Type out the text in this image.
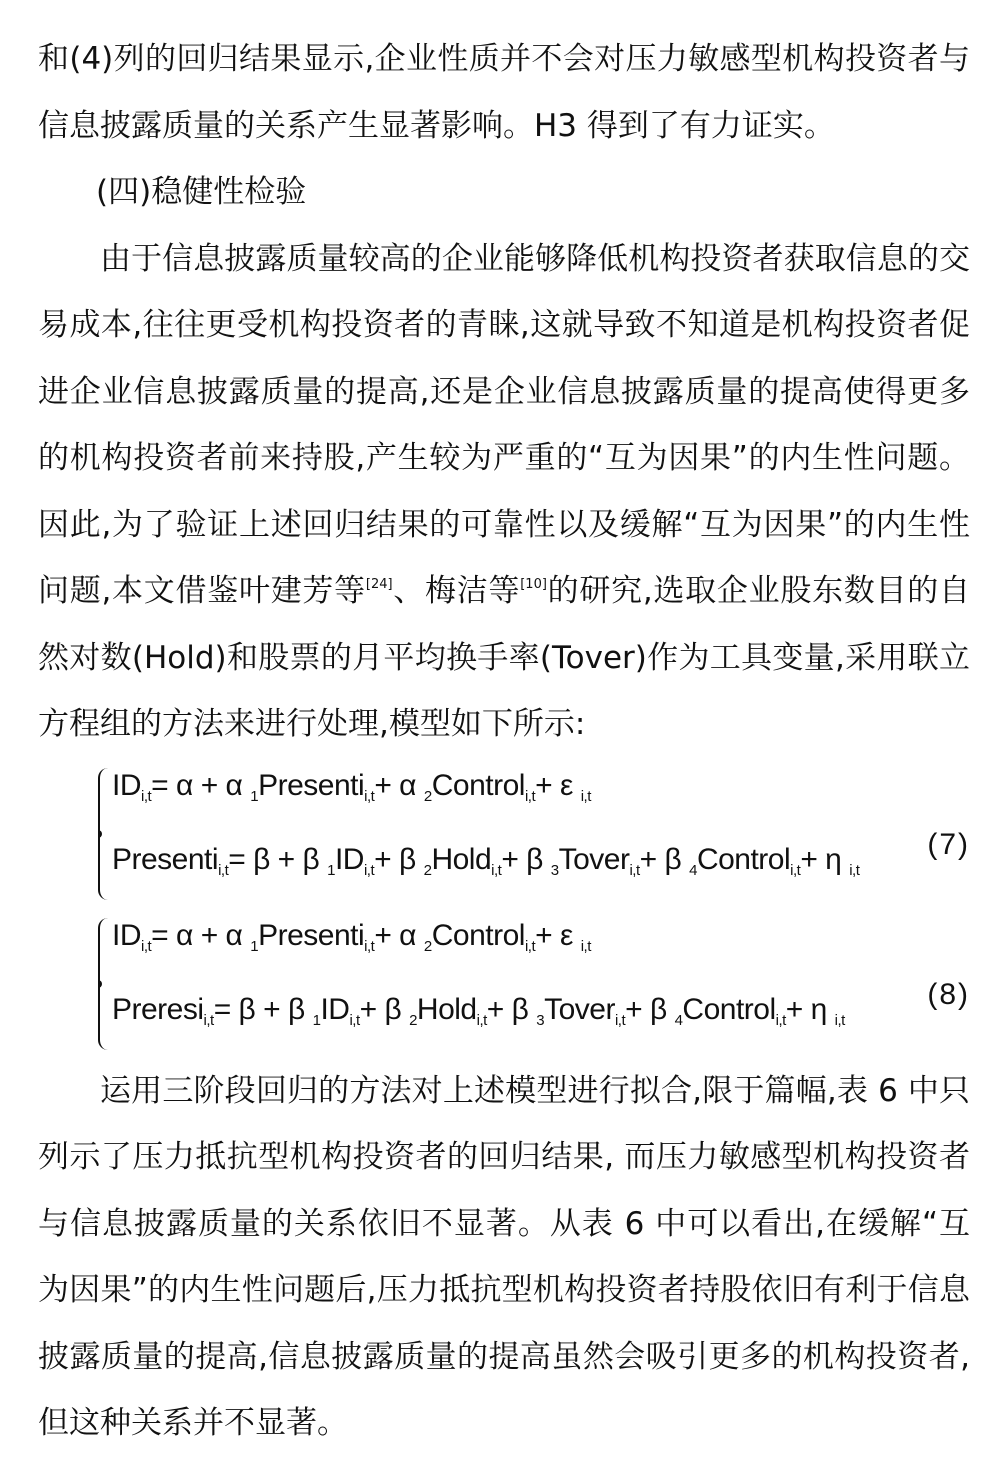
和(4)列的回归结果显示,企业性质并不会对压力敏感型机构投资者与信息披露质量的关系产生显著影响。H3 得到了有力证实。

(四)稳健性检验

由于信息披露质量较高的企业能够降低机构投资者获取信息的交易成本,往往更受机构投资者的青睐,这就导致不知道是机构投资者促进企业信息披露质量的提高,还是企业信息披露质量的提高使得更多的机构投资者前来持股,产生较为严重的“互为因果”的内生性问题。因此,为了验证上述回归结果的可靠性以及缓解“互为因果”的内生性问题,本文借鉴叶建芳等[24]、梅洁等[10]的研究,选取企业股东数目的自然对数(Hold)和股票的月平均换手率(Tover)作为工具变量,采用联立方程组的方法来进行处理,模型如下所示:

$ID_{i,t}= \alpha + \alpha$ $_1$Presenti$_{i,t}$+ α $_2$Control$_{i,t}$+ ε $_{i,t}$
Presenti$_{i,t}$= β + β $_1ID_{i,t}+ \beta$ $_2$Hold$_{i,t}$+ β $_3$Tover$_{i,t}$+ β $_4$Control$_{i,t}$+ η $_{i,t}$
(7)
$ID_{i,t}= \alpha + \alpha$ $_1$Presenti$_{i,t}$+ α $_2$Control$_{i,t}$+ ε $_{i,t}$
Preresi$_{i,t}$= β + β $_1ID_{i,t}+ \beta$ $_2$Hold$_{i,t}$+ β $_3$Tover$_{i,t}$+ β $_4$Control$_{i,t}$+ η $_{i,t}$
(8)

运用三阶段回归的方法对上述模型进行拟合,限于篇幅,表 6 中只列示了压力抵抗型机构投资者的回归结果, 而压力敏感型机构投资者与信息披露质量的关系依旧不显著。从表 6 中可以看出,在缓解“互为因果”的内生性问题后,压力抵抗型机构投资者持股依旧有利于信息披露质量的提高,信息披露质量的提高虽然会吸引更多的机构投资者,但这种关系并不显著。
